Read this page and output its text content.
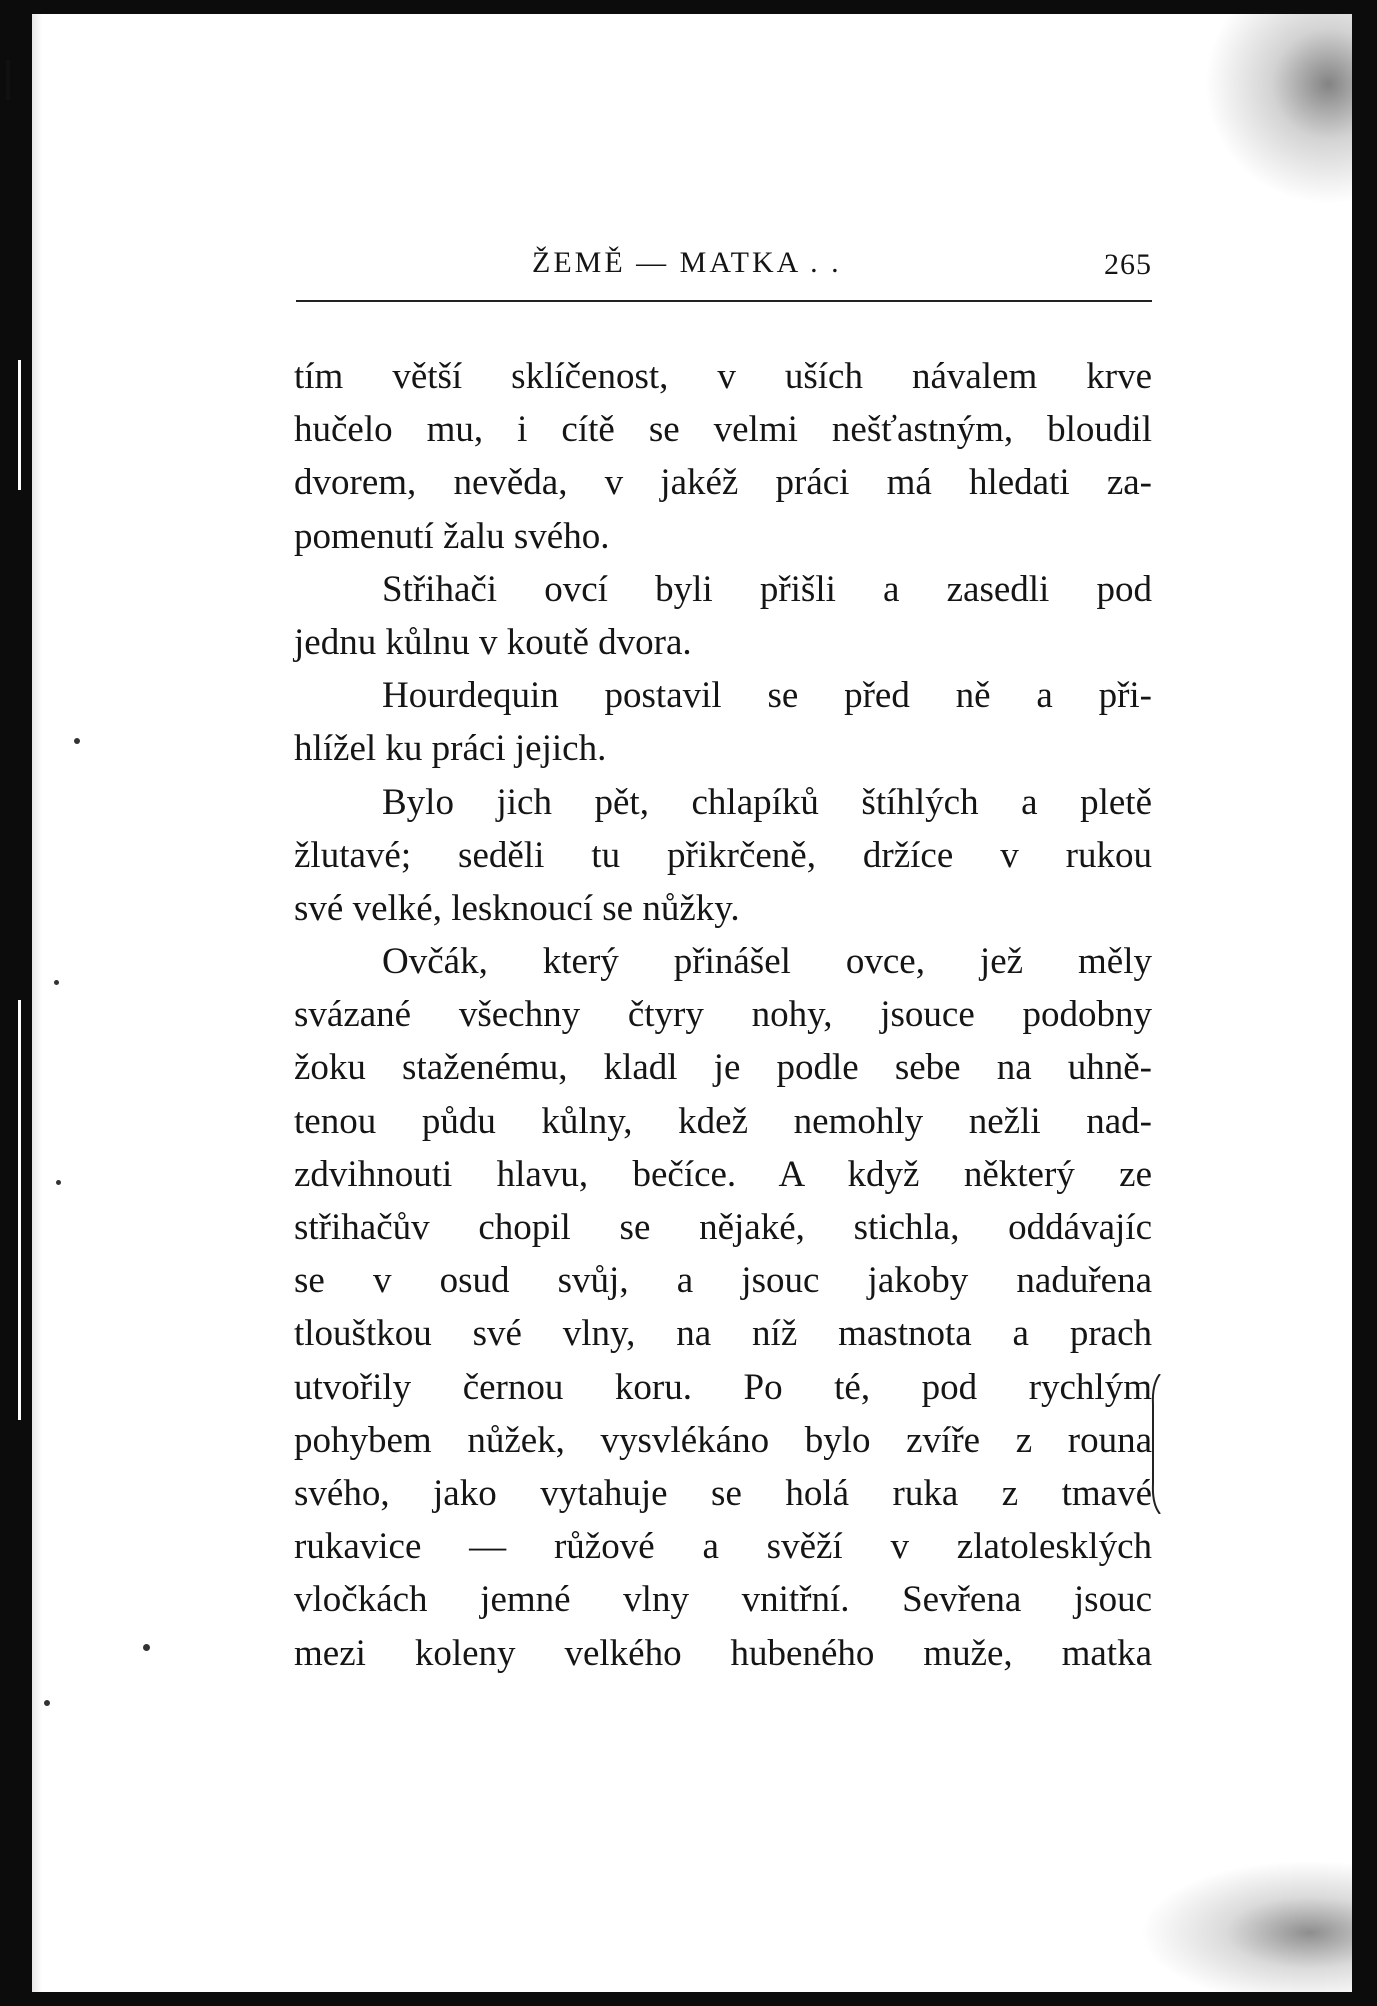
ŽEMĚ — MATKA . .	265
tím větší sklíčenost, v uších návalem krve
hučelo mu, i cítě se velmi nešťastným, bloudil
dvorem, nevěda, v jakéž práci má hledati za-
pomenutí žalu svého.
Střihači ovcí byli přišli a zasedli pod
jednu kůlnu v koutě dvora.
Hourdequin postavil se před ně a při-
hlížel ku práci jejich.
Bylo jich pět, chlapíků štíhlých a pletě
žlutavé; seděli tu přikrčeně, držíce v rukou
své velké, lesknoucí se nůžky.
Ovčák, který přinášel ovce, jež měly
svázané všechny čtyry nohy, jsouce podobny
žoku staženému, kladl je podle sebe na uhně-
tenou půdu kůlny, kdež nemohly nežli nad-
zdvihnouti hlavu, bečíce. A když některý ze
střihačův chopil se nějaké, stichla, oddávajíc
se v osud svůj, a jsouc jakoby naduřena
tlouštkou své vlny, na níž mastnota a prach
utvořily černou koru. Po té, pod rychlým
pohybem nůžek, vysvlékáno bylo zvíře z rouna
svého, jako vytahuje se holá ruka z tmavé
rukavice — růžové a svěží v zlatolesklých
vločkách jemné vlny vnitřní. Sevřena jsouc
mezi koleny velkého hubeného muže, matka
